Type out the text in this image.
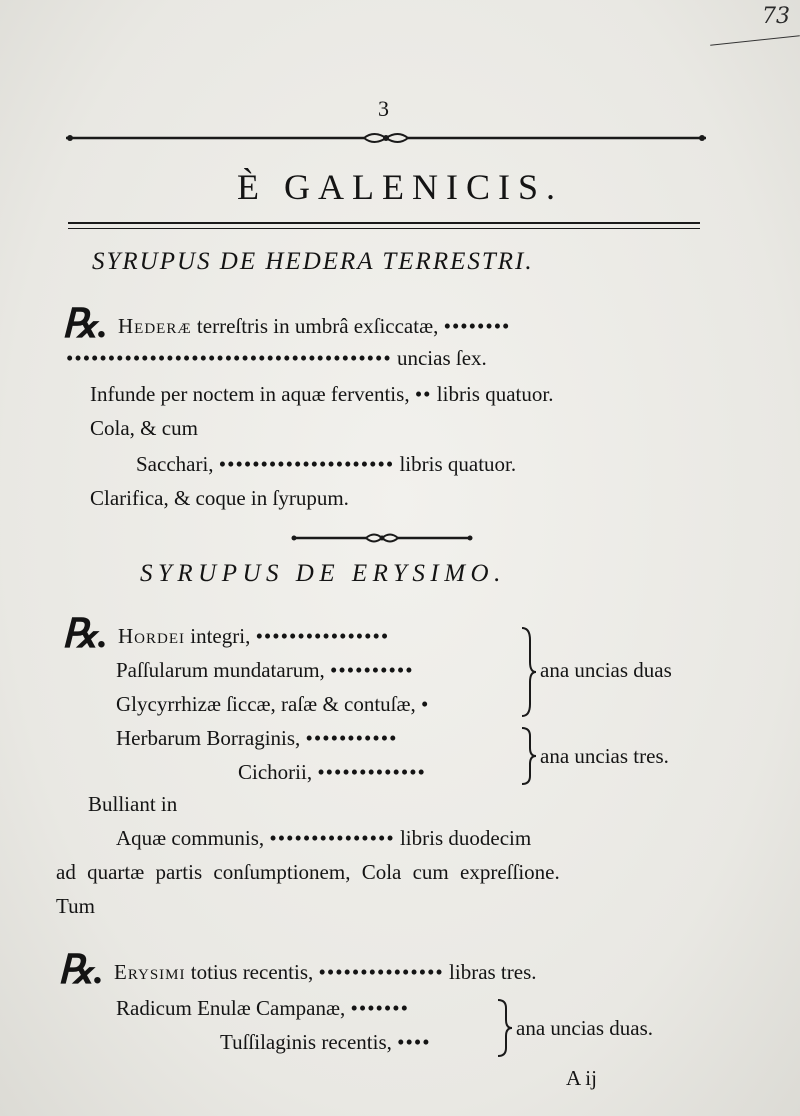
73
3
È GALENICIS.
SYRUPUS DE HEDERA TERRESTRI.
℞. Hederæ terreſtris in umbrâ exſiccatæ, ••••••••
••••••••••••••••••••••••••••••••••••••• uncias ſex.
Infunde per noctem in aquæ ferventis, •• libris quatuor.
Cola, & cum
Sacchari, ••••••••••••••••••••• libris quatuor.
Clarifica, & coque in ſyrupum.
SYRUPUS DE ERYSIMO.
℞. Hordei integri, ••••••••••••••••
Paſſularum mundatarum, ••••••••••
Glycyrrhizæ ſiccæ, raſæ & contuſæ, •
ana uncias duas
Herbarum Borraginis, •••••••••••
Cichorii, •••••••••••••
ana uncias tres.
Bulliant in
Aquæ communis, ••••••••••••••• libris duodecim
ad quartæ partis conſumptionem, Cola cum expreſſione.
Tum
℞. Erysimi totius recentis, ••••••••••••••• libras tres.
Radicum Enulæ Campanæ, •••••••
Tuſſilaginis recentis, ••••
ana uncias duas.
A ij
